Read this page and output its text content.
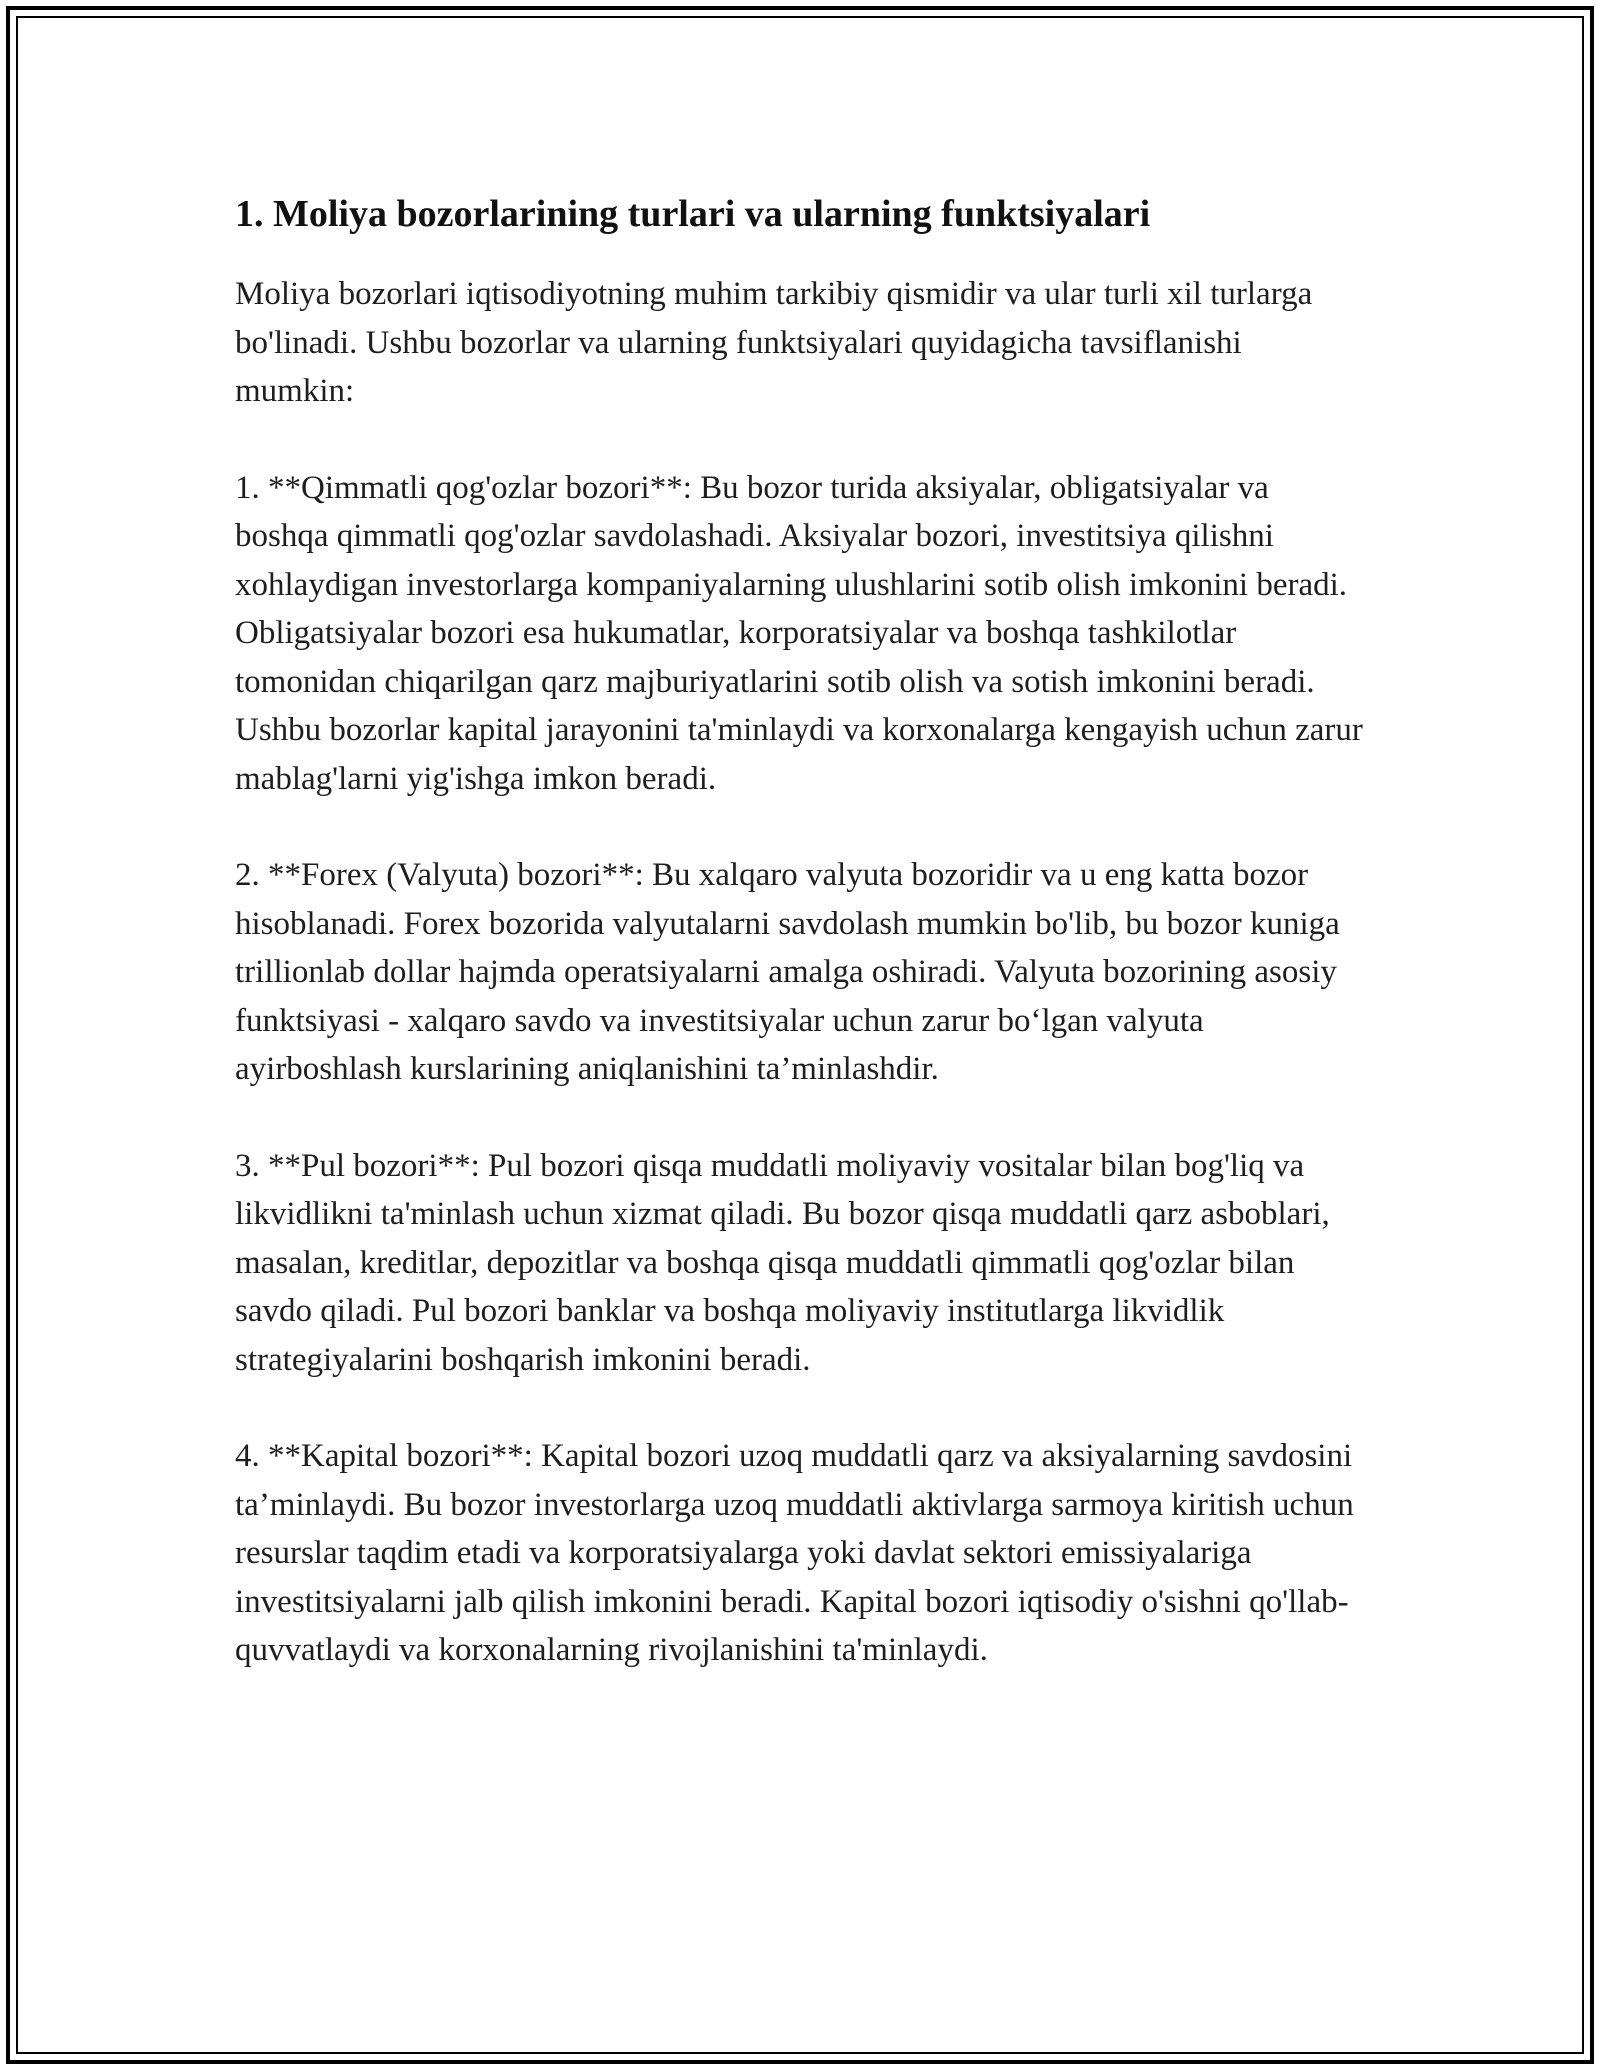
1. Moliya bozorlarining turlari va ularning funktsiyalari

Moliya bozorlari iqtisodiyotning muhim tarkibiy qismidir va ular turli xil turlarga bo'linadi. Ushbu bozorlar va ularning funktsiyalari quyidagicha tavsiflanishi mumkin:

1. **Qimmatli qog'ozlar bozori**: Bu bozor turida aksiyalar, obligatsiyalar va boshqa qimmatli qog'ozlar savdolashadi. Aksiyalar bozori, investitsiya qilishni xohlaydigan investorlarga kompaniyalarning ulushlarini sotib olish imkonini beradi. Obligatsiyalar bozori esa hukumatlar, korporatsiyalar va boshqa tashkilotlar tomonidan chiqarilgan qarz majburiyatlarini sotib olish va sotish imkonini beradi. Ushbu bozorlar kapital jarayonini ta'minlaydi va korxonalarga kengayish uchun zarur mablag'larni yig'ishga imkon beradi.

2. **Forex (Valyuta) bozori**: Bu xalqaro valyuta bozoridir va u eng katta bozor hisoblanadi. Forex bozorida valyutalarni savdolash mumkin bo'lib, bu bozor kuniga trillionlab dollar hajmda operatsiyalarni amalga oshiradi. Valyuta bozorining asosiy funktsiyasi - xalqaro savdo va investitsiyalar uchun zarur bo‘lgan valyuta ayirboshlash kurslarining aniqlanishini ta’minlashdir.

3. **Pul bozori**: Pul bozori qisqa muddatli moliyaviy vositalar bilan bog'liq va likvidlikni ta'minlash uchun xizmat qiladi. Bu bozor qisqa muddatli qarz asboblari, masalan, kreditlar, depozitlar va boshqa qisqa muddatli qimmatli qog'ozlar bilan savdo qiladi. Pul bozori banklar va boshqa moliyaviy institutlarga likvidlik strategiyalarini boshqarish imkonini beradi.

4. **Kapital bozori**: Kapital bozori uzoq muddatli qarz va aksiyalarning savdosini ta’minlaydi. Bu bozor investorlarga uzoq muddatli aktivlarga sarmoya kiritish uchun resurslar taqdim etadi va korporatsiyalarga yoki davlat sektori emissiyalariga investitsiyalarni jalb qilish imkonini beradi. Kapital bozori iqtisodiy o'sishni qo'llab-quvvatlaydi va korxonalarning rivojlanishini ta'minlaydi.
